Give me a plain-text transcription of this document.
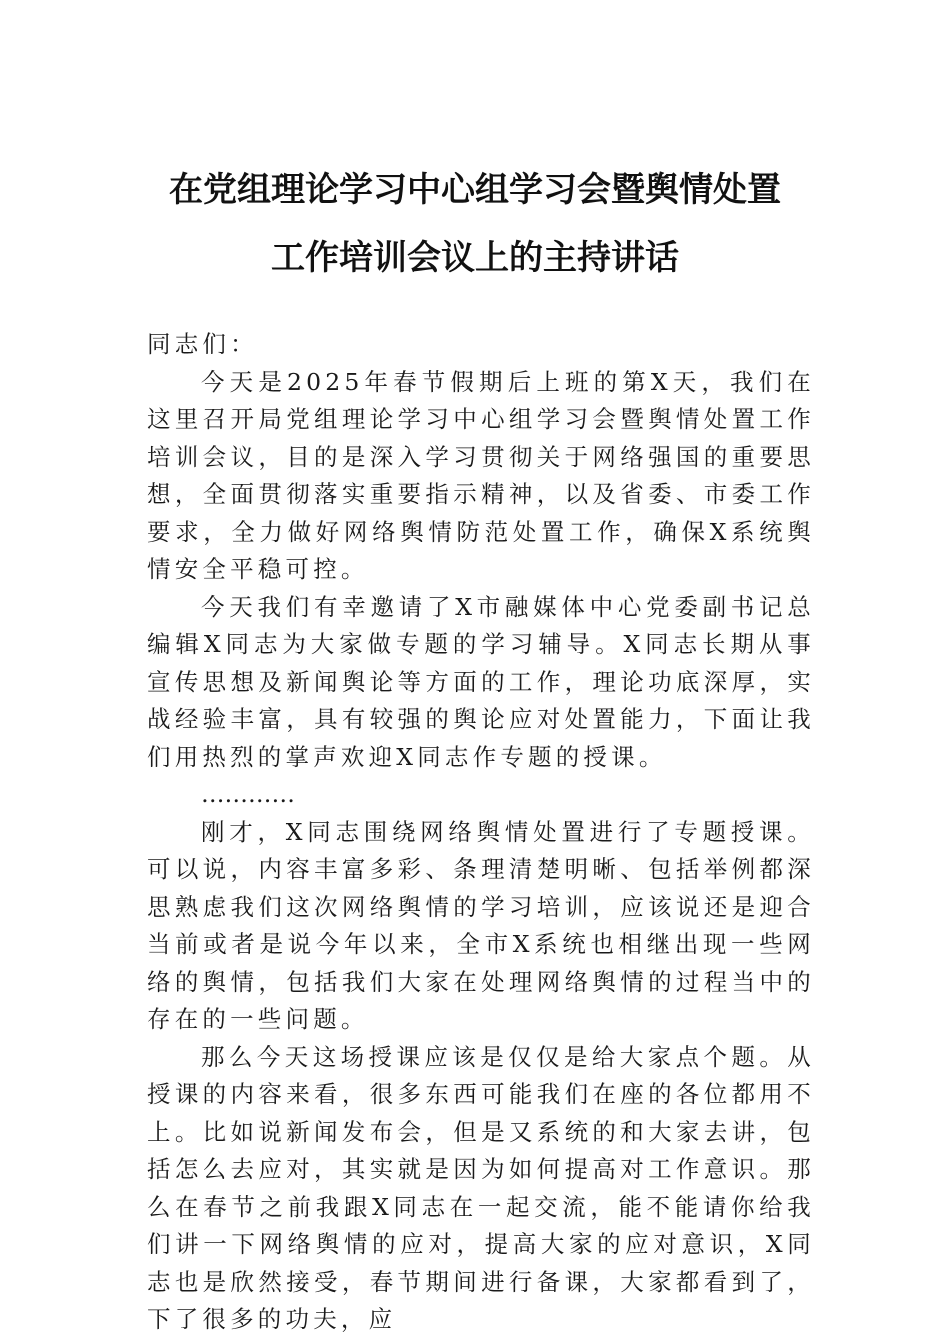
在党组理论学习中心组学习会暨舆情处置
工作培训会议上的主持讲话

同志们：

今天是2025年春节假期后上班的第X天，我们在这里召开局党组理论学习中心组学习会暨舆情处置工作培训会议，目的是深入学习贯彻关于网络强国的重要思想，全面贯彻落实重要指示精神，以及省委、市委工作要求，全力做好网络舆情防范处置工作，确保X系统舆情安全平稳可控。

今天我们有幸邀请了X市融媒体中心党委副书记总编辑X同志为大家做专题的学习辅导。X同志长期从事宣传思想及新闻舆论等方面的工作，理论功底深厚，实战经验丰富，具有较强的舆论应对处置能力，下面让我们用热烈的掌声欢迎X同志作专题的授课。

…………

刚才，X同志围绕网络舆情处置进行了专题授课。可以说，内容丰富多彩、条理清楚明晰、包括举例都深思熟虑我们这次网络舆情的学习培训，应该说还是迎合当前或者是说今年以来，全市X系统也相继出现一些网络的舆情，包括我们大家在处理网络舆情的过程当中的存在的一些问题。

那么今天这场授课应该是仅仅是给大家点个题。从授课的内容来看，很多东西可能我们在座的各位都用不上。比如说新闻发布会，但是又系统的和大家去讲，包括怎么去应对，其实就是因为如何提高对工作意识。那么在春节之前我跟X同志在一起交流，能不能请你给我们讲一下网络舆情的应对，提高大家的应对意识，X同志也是欣然接受，春节期间进行备课，大家都看到了，下了很多的功夫，应
